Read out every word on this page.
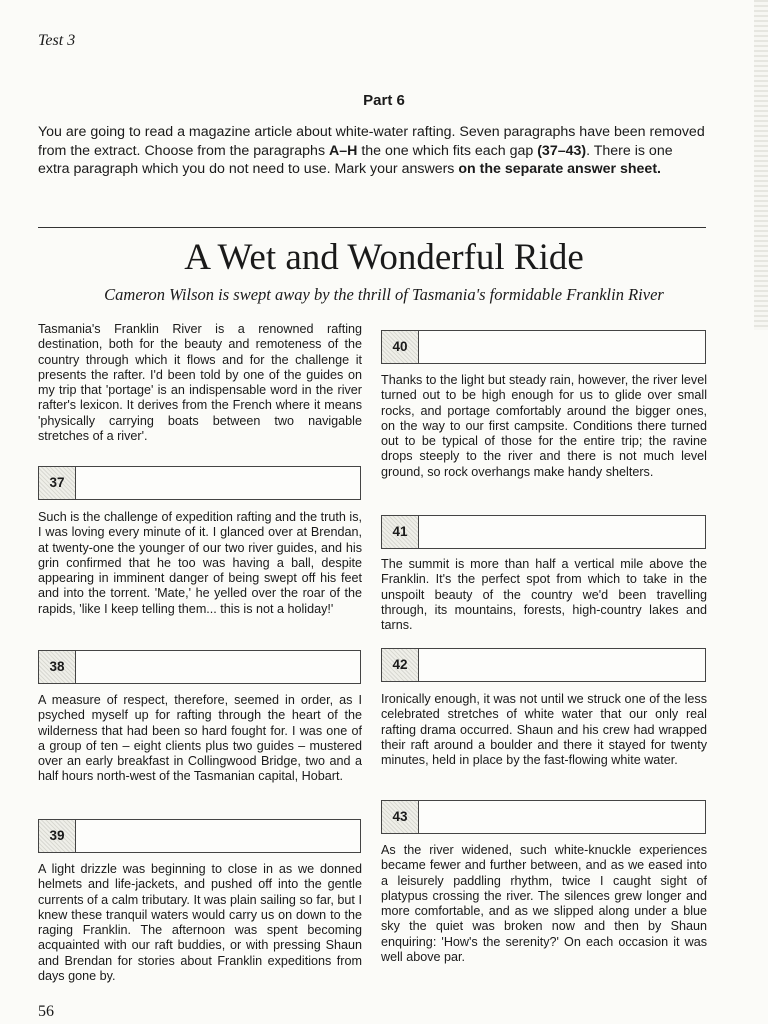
Test 3
Part 6
You are going to read a magazine article about white-water rafting. Seven paragraphs have been removed from the extract. Choose from the paragraphs A–H the one which fits each gap (37–43). There is one extra paragraph which you do not need to use. Mark your answers on the separate answer sheet.
A Wet and Wonderful Ride
Cameron Wilson is swept away by the thrill of Tasmania's formidable Franklin River

Tasmania's Franklin River is a renowned rafting destination, both for the beauty and remoteness of the country through which it flows and for the challenge it presents the rafter. I'd been told by one of the guides on my trip that 'portage' is an indispensable word in the river rafter's lexicon. It derives from the French where it means 'physically carrying boats between two navigable stretches of a river'.

37

Such is the challenge of expedition rafting and the truth is, I was loving every minute of it. I glanced over at Brendan, at twenty-one the younger of our two river guides, and his grin confirmed that he too was having a ball, despite appearing in imminent danger of being swept off his feet and into the torrent. 'Mate,' he yelled over the roar of the rapids, 'like I keep telling them... this is not a holiday!'

38

A measure of respect, therefore, seemed in order, as I psyched myself up for rafting through the heart of the wilderness that had been so hard fought for. I was one of a group of ten – eight clients plus two guides – mustered over an early breakfast in Collingwood Bridge, two and a half hours north-west of the Tasmanian capital, Hobart.

39

A light drizzle was beginning to close in as we donned helmets and life-jackets, and pushed off into the gentle currents of a calm tributary. It was plain sailing so far, but I knew these tranquil waters would carry us on down to the raging Franklin. The afternoon was spent becoming acquainted with our raft buddies, or with pressing Shaun and Brendan for stories about Franklin expeditions from days gone by.

40

Thanks to the light but steady rain, however, the river level turned out to be high enough for us to glide over small rocks, and portage comfortably around the bigger ones, on the way to our first campsite. Conditions there turned out to be typical of those for the entire trip; the ravine drops steeply to the river and there is not much level ground, so rock overhangs make handy shelters.

41

The summit is more than half a vertical mile above the Franklin. It's the perfect spot from which to take in the unspoilt beauty of the country we'd been travelling through, its mountains, forests, high-country lakes and tarns.

42

Ironically enough, it was not until we struck one of the less celebrated stretches of white water that our only real rafting drama occurred. Shaun and his crew had wrapped their raft around a boulder and there it stayed for twenty minutes, held in place by the fast-flowing white water.

43

As the river widened, such white-knuckle experiences became fewer and further between, and as we eased into a leisurely paddling rhythm, twice I caught sight of platypus crossing the river. The silences grew longer and more comfortable, and as we slipped along under a blue sky the quiet was broken now and then by Shaun enquiring: 'How's the serenity?' On each occasion it was well above par.

56
